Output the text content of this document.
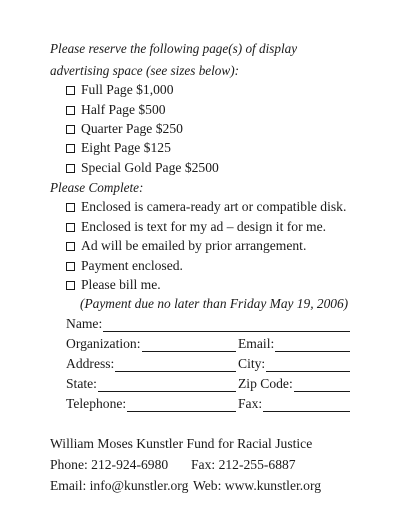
Please reserve the following page(s) of display
advertising space (see sizes below):
Full Page $1,000
Half Page $500
Quarter Page $250
Eight Page $125
Special Gold Page $2500
Please Complete:
Enclosed is camera-ready art or compatible disk.
Enclosed is text for my ad – design it for me.
Ad will be emailed by prior arrangement.
Payment enclosed.
Please bill me.
(Payment due no later than Friday May 19, 2006)
Name:
Organization:	Email:
Address:	City:
State:	Zip Code:
Telephone:	Fax:
William Moses Kunstler Fund for Racial Justice
Phone: 212-924-6980 Fax: 212-255-6887
Email: info@kunstler.org Web: www.kunstler.org
